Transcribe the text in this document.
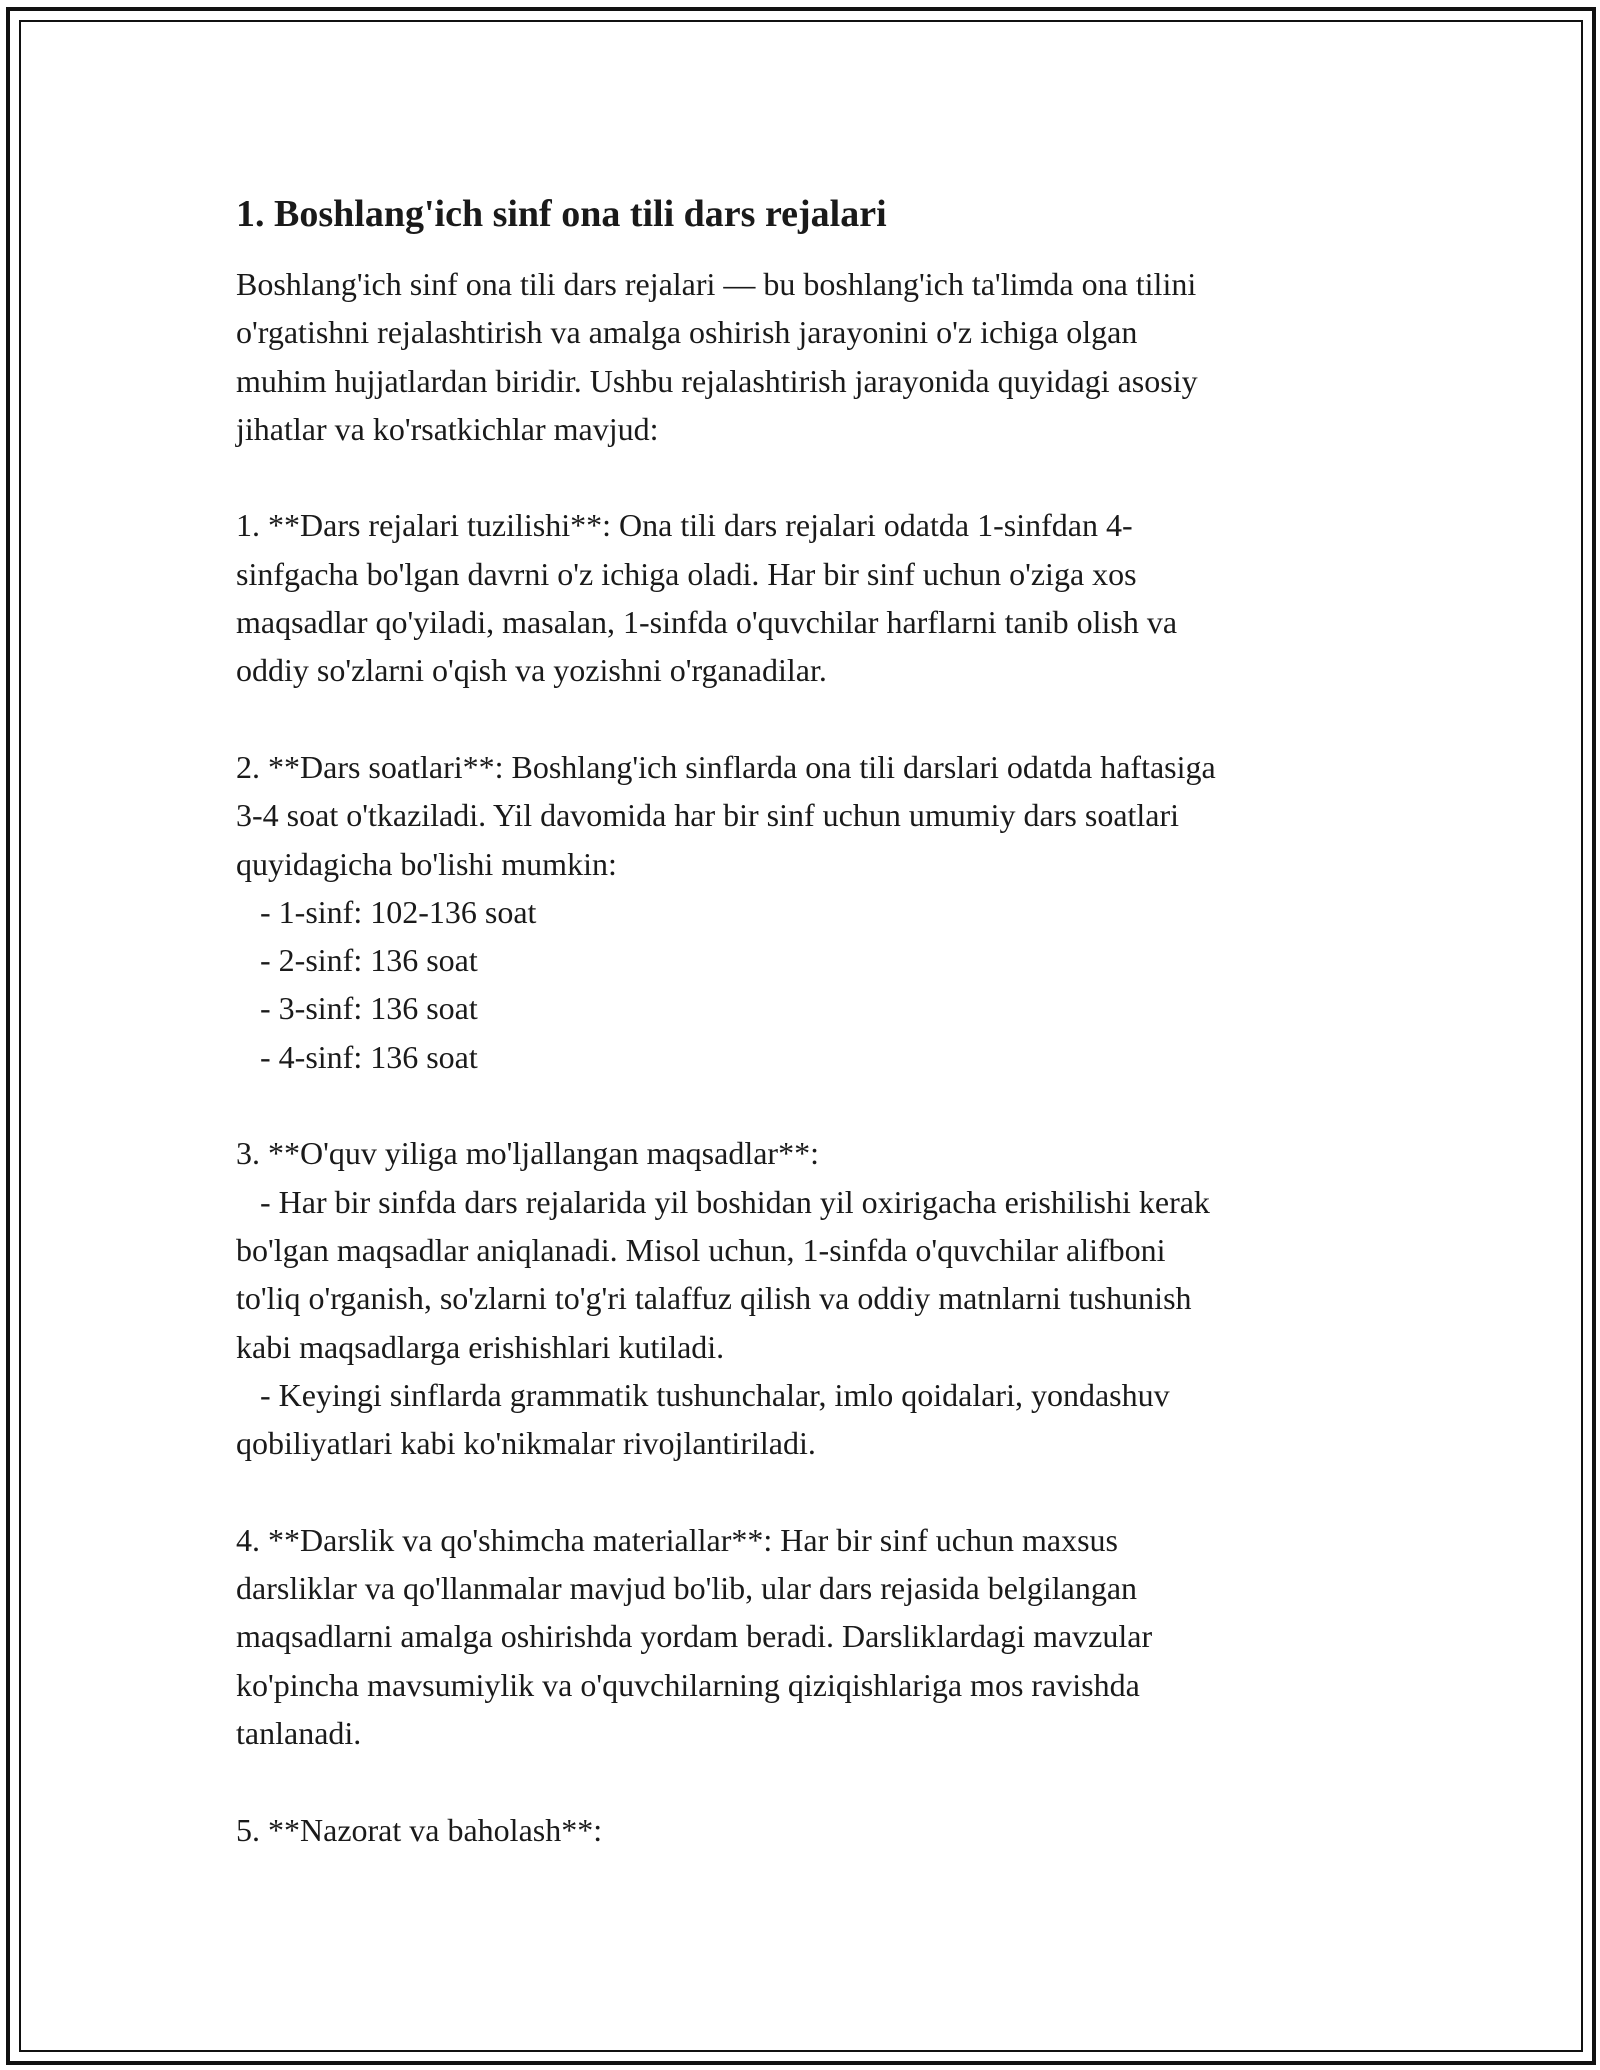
1. Boshlang'ich sinf ona tili dars rejalari
Boshlang'ich sinf ona tili dars rejalari — bu boshlang'ich ta'limda ona tilini
o'rgatishni rejalashtirish va amalga oshirish jarayonini o'z ichiga olgan
muhim hujjatlardan biridir. Ushbu rejalashtirish jarayonida quyidagi asosiy
jihatlar va ko'rsatkichlar mavjud:
1. **Dars rejalari tuzilishi**: Ona tili dars rejalari odatda 1-sinfdan 4-
sinfgacha bo'lgan davrni o'z ichiga oladi. Har bir sinf uchun o'ziga xos
maqsadlar qo'yiladi, masalan, 1-sinfda o'quvchilar harflarni tanib olish va
oddiy so'zlarni o'qish va yozishni o'rganadilar.
2. **Dars soatlari**: Boshlang'ich sinflarda ona tili darslari odatda haftasiga
3-4 soat o'tkaziladi. Yil davomida har bir sinf uchun umumiy dars soatlari
quyidagicha bo'lishi mumkin:
- 1-sinf: 102-136 soat
- 2-sinf: 136 soat
- 3-sinf: 136 soat
- 4-sinf: 136 soat
3. **O'quv yiliga mo'ljallangan maqsadlar**:
- Har bir sinfda dars rejalarida yil boshidan yil oxirigacha erishilishi kerak
bo'lgan maqsadlar aniqlanadi. Misol uchun, 1-sinfda o'quvchilar alifboni
to'liq o'rganish, so'zlarni to'g'ri talaffuz qilish va oddiy matnlarni tushunish
kabi maqsadlarga erishishlari kutiladi.
- Keyingi sinflarda grammatik tushunchalar, imlo qoidalari, yondashuv
qobiliyatlari kabi ko'nikmalar rivojlantiriladi.
4. **Darslik va qo'shimcha materiallar**: Har bir sinf uchun maxsus
darsliklar va qo'llanmalar mavjud bo'lib, ular dars rejasida belgilangan
maqsadlarni amalga oshirishda yordam beradi. Darsliklardagi mavzular
ko'pincha mavsumiylik va o'quvchilarning qiziqishlariga mos ravishda
tanlanadi.
5. **Nazorat va baholash**:
